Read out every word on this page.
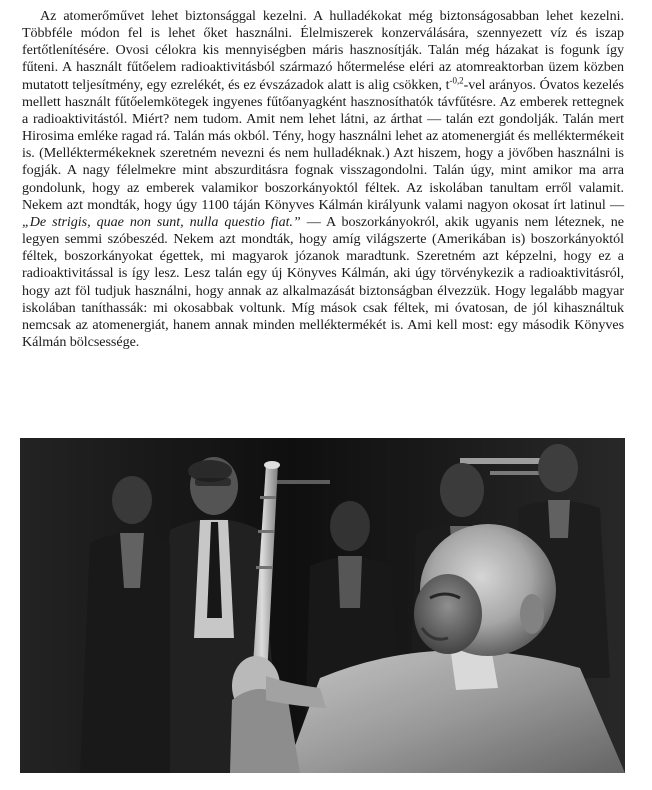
Az atomerőművet lehet biztonsággal kezelni. A hulladékokat még biztonságosabban lehet kezelni. Többféle módon fel is lehet őket használni. Élelmiszerek konzerválására, szennyezett víz és iszap fertőtlenítésére. Ovosi célokra kis mennyiségben máris hasznosítják. Talán még házakat is fogunk így fűteni. A használt fűtőelem radioaktivitásból származó hőtermelése eléri az atomreaktorban üzem közben mutatott teljesítmény, egy ezrelékét, és ez évszázadok alatt is alig csökken, $t^{-0,2}$-vel arányos. Óvatos kezelés mellett használt fűtőelemkötegek ingyenes fűtőanyagként hasznosíthatók távfűtésre. Az emberek rettegnek a radioaktivitástól. Miért? nem tudom. Amit nem lehet látni, az árthat — talán ezt gondolják. Talán mert Hirosima emléke ragad rá. Talán más okból. Tény, hogy használni lehet az atomenergiát és melléktermékeit is. (Melléktermékeknek szeretném nevezni és nem hulladéknak.) Azt hiszem, hogy a jövőben használni is fogják. A nagy félelmekre mint abszurditásra fognak visszagondolni. Talán úgy, mint amikor ma arra gondolunk, hogy az emberek valamikor boszorkányoktól féltek. Az iskolában tanultam erről valamit. Nekem azt mondták, hogy úgy 1100 táján Könyves Kálmán királyunk valami nagyon okosat írt latinul — „De strigis, quae non sunt, nulla questio fiat.” — A boszorkányokról, akik ugyanis nem léteznek, ne legyen semmi szóbeszéd. Nekem azt mondták, hogy amíg világszerte (Amerikában is) boszorkányoktól féltek, boszorkányokat égettek, mi magyarok józanok maradtunk. Szeretném azt képzelni, hogy ez a radioaktivitással is így lesz. Lesz talán egy új Könyves Kálmán, aki úgy törvénykezik a radioaktivitásról, hogy azt föl tudjuk használni, hogy annak az alkalmazását biztonságban élvezzük. Hogy legalább magyar iskolában taníthassák: mi okosabbak voltunk. Míg mások csak féltek, mi óvatosan, de jól kihasználtuk nemcsak az atomenergiát, hanem annak minden melléktermékét is. Ami kell most: egy második Könyves Kálmán bölcsessége.
